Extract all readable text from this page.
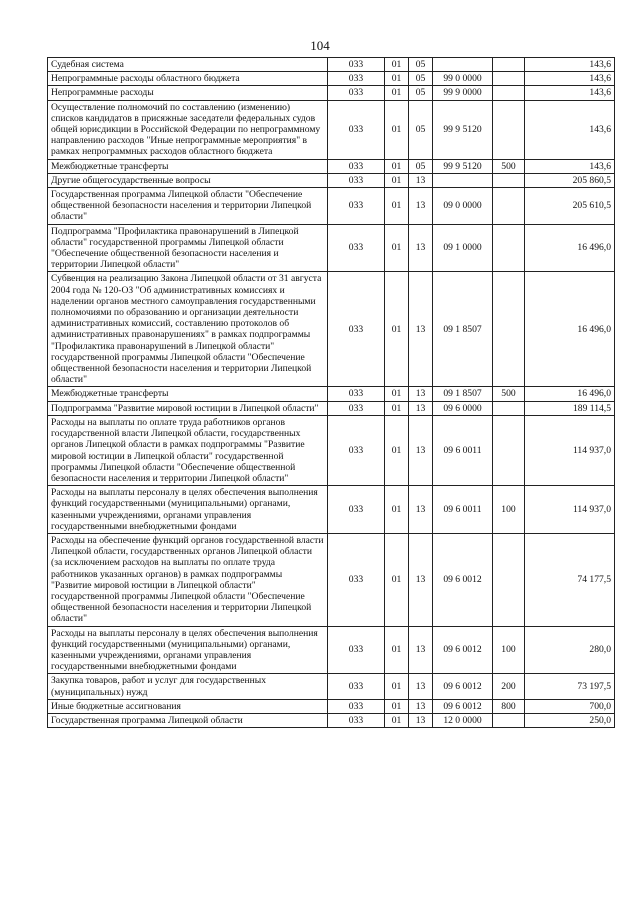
104
Судебная система	033	01	05			143,6
Непрограммные расходы областного бюджета	033	01	05	99 0 0000		143,6
Непрограммные расходы	033	01	05	99 9 0000		143,6
Осуществление полномочий по составлению (изменению) списков кандидатов в присяжные заседатели федеральных судов общей юрисдикции в Российской Федерации по непрограммному направлению расходов "Иные непрограммные мероприятия" в рамках непрограммных расходов областного бюджета	033	01	05	99 9 5120		143,6
Межбюджетные трансферты	033	01	05	99 9 5120	500	143,6
Другие общегосударственные вопросы	033	01	13			205 860,5
Государственная программа Липецкой области "Обеспечение общественной безопасности населения и территории Липецкой области"	033	01	13	09 0 0000		205 610,5
Подпрограмма "Профилактика правонарушений в Липецкой области" государственной программы Липецкой области "Обеспечение общественной безопасности населения и территории Липецкой области"	033	01	13	09 1 0000		16 496,0
Субвенция на реализацию Закона Липецкой области от 31 августа 2004 года № 120-ОЗ "Об административных комиссиях и наделении органов местного самоуправления государственными полномочиями по образованию и организации деятельности административных комиссий, составлению протоколов об административных правонарушениях" в рамках подпрограммы "Профилактика правонарушений в Липецкой области" государственной программы Липецкой области "Обеспечение общественной безопасности населения и территории Липецкой области"	033	01	13	09 1 8507		16 496,0
Межбюджетные трансферты	033	01	13	09 1 8507	500	16 496,0
Подпрограмма "Развитие мировой юстиции в Липецкой области"	033	01	13	09 6 0000		189 114,5
Расходы на выплаты по оплате труда работников органов государственной власти Липецкой области, государственных органов Липецкой области в рамках подпрограммы "Развитие мировой юстиции в Липецкой области" государственной программы Липецкой области "Обеспечение общественной безопасности населения и территории Липецкой области"	033	01	13	09 6 0011		114 937,0
Расходы на выплаты персоналу в целях обеспечения выполнения функций государственными (муниципальными) органами, казенными учреждениями, органами управления государственными внебюджетными фондами	033	01	13	09 6 0011	100	114 937,0
Расходы на обеспечение функций органов государственной власти Липецкой области, государственных органов Липецкой области (за исключением расходов на выплаты по оплате труда работников указанных органов) в рамках подпрограммы "Развитие мировой юстиции в Липецкой области" государственной программы Липецкой области "Обеспечение общественной безопасности населения и территории Липецкой области"	033	01	13	09 6 0012		74 177,5
Расходы на выплаты персоналу в целях обеспечения выполнения функций государственными (муниципальными) органами, казенными учреждениями, органами управления государственными внебюджетными фондами	033	01	13	09 6 0012	100	280,0
Закупка товаров, работ и услуг для государственных (муниципальных) нужд	033	01	13	09 6 0012	200	73 197,5
Иные бюджетные ассигнования	033	01	13	09 6 0012	800	700,0
Государственная программа Липецкой области	033	01	13	12 0 0000		250,0
